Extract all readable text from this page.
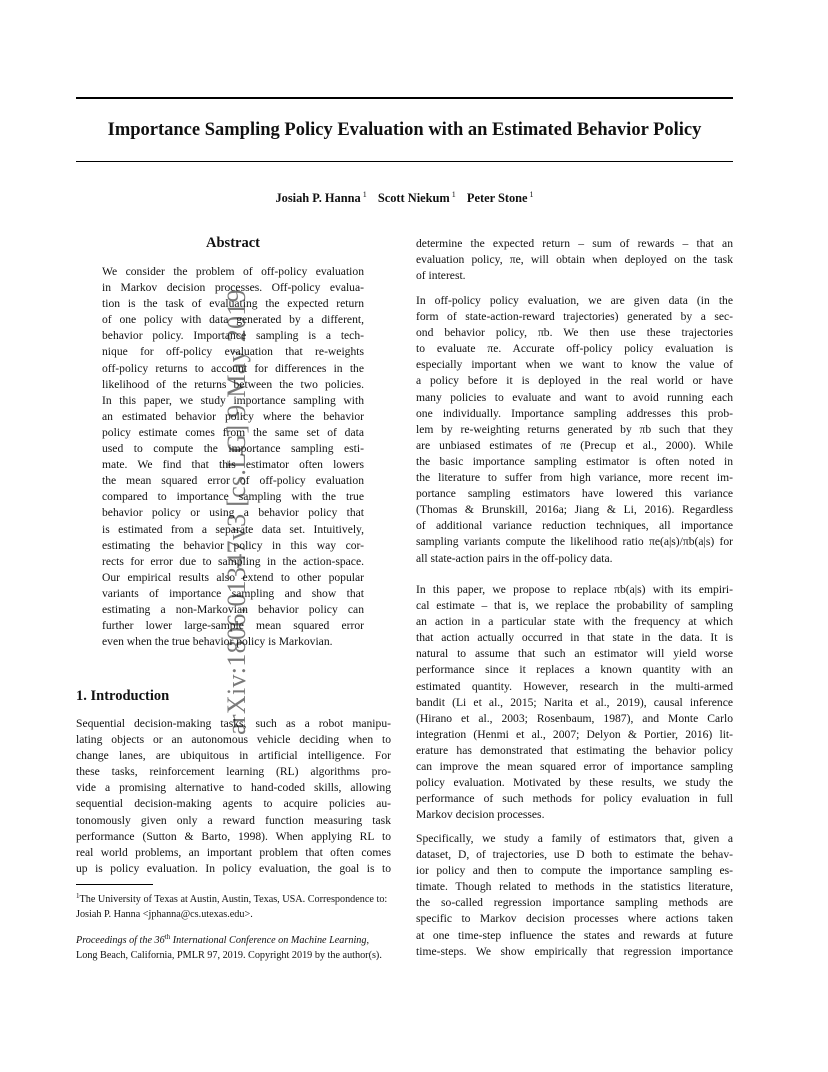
Importance Sampling Policy Evaluation with an Estimated Behavior Policy
Josiah P. Hanna $^1$ Scott Niekum $^1$ Peter Stone $^1$
arXiv:1806.01347v3 [cs.LG] 9 May 2019
Abstract
We consider the problem of off-policy evaluation
in Markov decision processes. Off-policy evalua-
tion is the task of evaluating the expected return
of one policy with data generated by a different,
behavior policy. Importance sampling is a tech-
nique for off-policy evaluation that re-weights
off-policy returns to account for differences in the
likelihood of the returns between the two policies.
In this paper, we study importance sampling with
an estimated behavior policy where the behavior
policy estimate comes from the same set of data
used to compute the importance sampling esti-
mate. We find that this estimator often lowers
the mean squared error of off-policy evaluation
compared to importance sampling with the true
behavior policy or using a behavior policy that
is estimated from a separate data set. Intuitively,
estimating the behavior policy in this way cor-
rects for error due to sampling in the action-space.
Our empirical results also extend to other popular
variants of importance sampling and show that
estimating a non-Markovian behavior policy can
further lower large-sample mean squared error
even when the true behavior policy is Markovian.
1. Introduction
Sequential decision-making tasks, such as a robot manipu-
lating objects or an autonomous vehicle deciding when to
change lanes, are ubiquitous in artificial intelligence. For
these tasks, reinforcement learning (RL) algorithms pro-
vide a promising alternative to hand-coded skills, allowing
sequential decision-making agents to acquire policies au-
tonomously given only a reward function measuring task
performance (Sutton & Barto, 1998). When applying RL to
real world problems, an important problem that often comes
up is policy evaluation. In policy evaluation, the goal is to
$^1$The University of Texas at Austin, Austin, Texas, USA. Correspondence to: Josiah P. Hanna <jphanna@cs.utexas.edu>.
Proceedings of the 36th International Conference on Machine Learning, Long Beach, California, PMLR 97, 2019. Copyright 2019 by the author(s).
determine the expected return – sum of rewards – that an
evaluation policy, πe, will obtain when deployed on the task
of interest.
In off-policy policy evaluation, we are given data (in the
form of state-action-reward trajectories) generated by a sec-
ond behavior policy, πb. We then use these trajectories
to evaluate πe. Accurate off-policy policy evaluation is
especially important when we want to know the value of
a policy before it is deployed in the real world or have
many policies to evaluate and want to avoid running each
one individually. Importance sampling addresses this prob-
lem by re-weighting returns generated by πb such that they
are unbiased estimates of πe (Precup et al., 2000). While
the basic importance sampling estimator is often noted in
the literature to suffer from high variance, more recent im-
portance sampling estimators have lowered this variance
(Thomas & Brunskill, 2016a; Jiang & Li, 2016). Regardless
of additional variance reduction techniques, all importance
sampling variants compute the likelihood ratio πe(a|s)/πb(a|s) for
all state-action pairs in the off-policy data.
In this paper, we propose to replace πb(a|s) with its empiri-
cal estimate – that is, we replace the probability of sampling
an action in a particular state with the frequency at which
that action actually occurred in that state in the data. It is
natural to assume that such an estimator will yield worse
performance since it replaces a known quantity with an
estimated quantity. However, research in the multi-armed
bandit (Li et al., 2015; Narita et al., 2019), causal inference
(Hirano et al., 2003; Rosenbaum, 1987), and Monte Carlo
integration (Henmi et al., 2007; Delyon & Portier, 2016) lit-
erature has demonstrated that estimating the behavior policy
can improve the mean squared error of importance sampling
policy evaluation. Motivated by these results, we study the
performance of such methods for policy evaluation in full
Markov decision processes.
Specifically, we study a family of estimators that, given a
dataset, D, of trajectories, use D both to estimate the behav-
ior policy and then to compute the importance sampling es-
timate. Though related to methods in the statistics literature,
the so-called regression importance sampling methods are
specific to Markov decision processes where actions taken
at one time-step influence the states and rewards at future
time-steps. We show empirically that regression importance
